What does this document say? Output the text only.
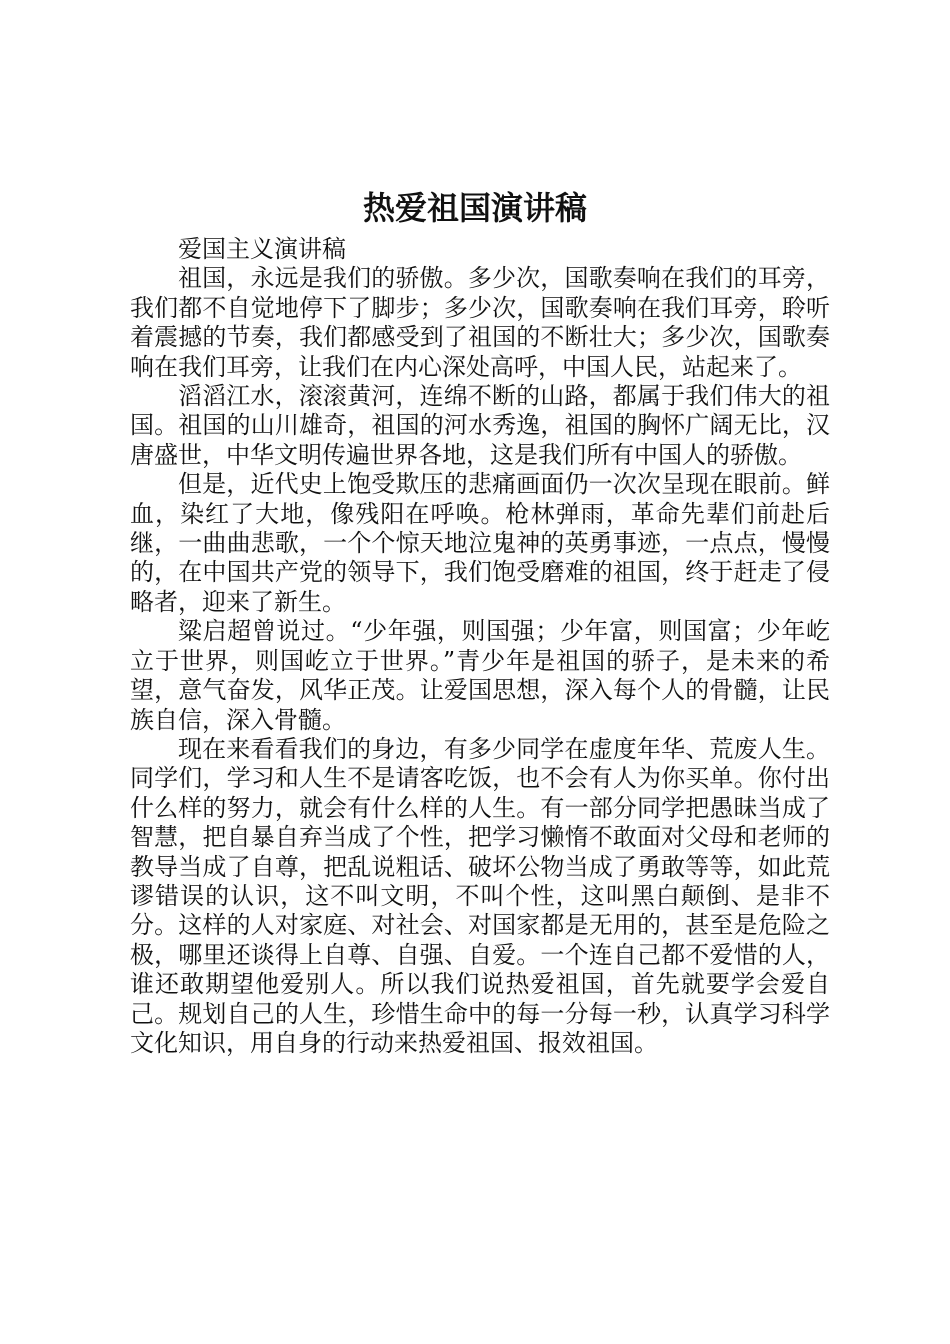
热爱祖国演讲稿

爱国主义演讲稿

祖国，永远是我们的骄傲。多少次，国歌奏响在我们的耳旁，我们都不自觉地停下了脚步；多少次，国歌奏响在我们耳旁，聆听着震撼的节奏，我们都感受到了祖国的不断壮大；多少次，国歌奏响在我们耳旁，让我们在内心深处高呼，中国人民，站起来了。

滔滔江水，滚滚黄河，连绵不断的山路，都属于我们伟大的祖国。祖国的山川雄奇，祖国的河水秀逸，祖国的胸怀广阔无比，汉唐盛世，中华文明传遍世界各地，这是我们所有中国人的骄傲。

但是，近代史上饱受欺压的悲痛画面仍一次次呈现在眼前。鲜血，染红了大地，像残阳在呼唤。枪林弹雨，革命先辈们前赴后继，一曲曲悲歌，一个个惊天地泣鬼神的英勇事迹，一点点，慢慢的，在中国共产党的领导下，我们饱受磨难的祖国，终于赶走了侵略者，迎来了新生。

粱启超曾说过。“少年强，则国强；少年富，则国富；少年屹立于世界，则国屹立于世界。”青少年是祖国的骄子，是未来的希望，意气奋发，风华正茂。让爱国思想，深入每个人的骨髓，让民族自信，深入骨髓。

现在来看看我们的身边，有多少同学在虚度年华、荒废人生。同学们，学习和人生不是请客吃饭，也不会有人为你买单。你付出什么样的努力，就会有什么样的人生。有一部分同学把愚昧当成了智慧，把自暴自弃当成了个性，把学习懒惰不敢面对父母和老师的教导当成了自尊，把乱说粗话、破坏公物当成了勇敢等等，如此荒谬错误的认识，这不叫文明，不叫个性，这叫黑白颠倒、是非不分。这样的人对家庭、对社会、对国家都是无用的，甚至是危险之极，哪里还谈得上自尊、自强、自爱。一个连自己都不爱惜的人，谁还敢期望他爱别人。所以我们说热爱祖国，首先就要学会爱自己。规划自己的人生，珍惜生命中的每一分每一秒，认真学习科学文化知识，用自身的行动来热爱祖国、报效祖国。
